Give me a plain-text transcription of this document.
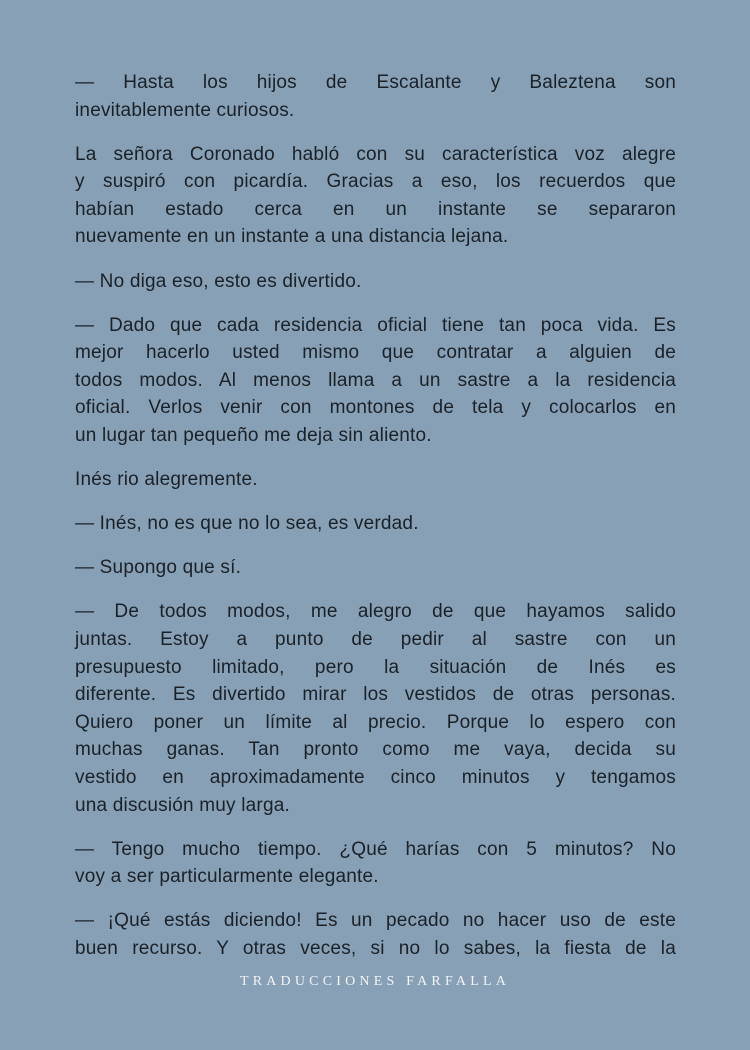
— Hasta los hijos de Escalante y Baleztena son
inevitablemente curiosos.
La señora Coronado habló con su característica voz alegre
y suspiró con picardía. Gracias a eso, los recuerdos que
habían estado cerca en un instante se separaron
nuevamente en un instante a una distancia lejana.
— No diga eso, esto es divertido.
— Dado que cada residencia oficial tiene tan poca vida. Es
mejor hacerlo usted mismo que contratar a alguien de
todos modos. Al menos llama a un sastre a la residencia
oficial. Verlos venir con montones de tela y colocarlos en
un lugar tan pequeño me deja sin aliento.
Inés rio alegremente.
— Inés, no es que no lo sea, es verdad.
— Supongo que sí.
— De todos modos, me alegro de que hayamos salido
juntas. Estoy a punto de pedir al sastre con un
presupuesto limitado, pero la situación de Inés es
diferente. Es divertido mirar los vestidos de otras personas.
Quiero poner un límite al precio. Porque lo espero con
muchas ganas. Tan pronto como me vaya, decida su
vestido en aproximadamente cinco minutos y tengamos
una discusión muy larga.
— Tengo mucho tiempo. ¿Qué harías con 5 minutos? No
voy a ser particularmente elegante.
— ¡Qué estás diciendo! Es un pecado no hacer uso de este
buen recurso. Y otras veces, si no lo sabes, la fiesta de la
TRADUCCIONES FARFALLA
